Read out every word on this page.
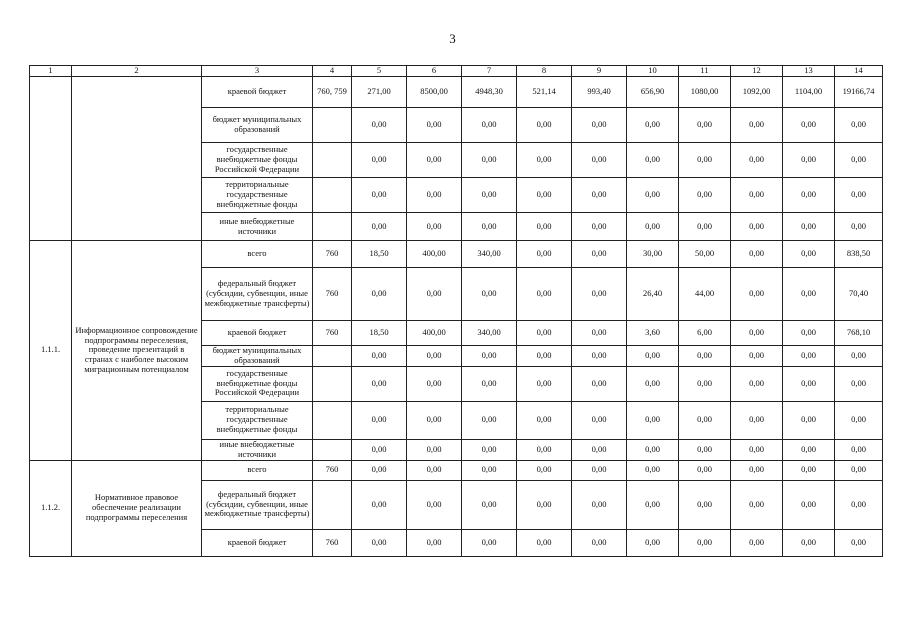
3
1	2	3	4	5	6	7	8	9	10	11	12	13	14
		краевой бюджет	760, 759	271,00	8500,00	4948,30	521,14	993,40	656,90	1080,00	1092,00	1104,00	19166,74
		бюджет муниципальных образований		0,00	0,00	0,00	0,00	0,00	0,00	0,00	0,00	0,00	0,00
		государственные внебюджетные фонды Российской Федерации		0,00	0,00	0,00	0,00	0,00	0,00	0,00	0,00	0,00	0,00
		территориальные государственные внебюджетные фонды		0,00	0,00	0,00	0,00	0,00	0,00	0,00	0,00	0,00	0,00
		иные внебюджетные источники		0,00	0,00	0,00	0,00	0,00	0,00	0,00	0,00	0,00	0,00
1.1.1.	Информационное сопровождение подпрограммы переселения, проведение презентаций в странах с наиболее высоким миграционным потенциалом	всего	760	18,50	400,00	340,00	0,00	0,00	30,00	50,00	0,00	0,00	838,50
		федеральный бюджет (субсидии, субвенции, иные межбюджетные трансферты)	760	0,00	0,00	0,00	0,00	0,00	26,40	44,00	0,00	0,00	70,40
		краевой бюджет	760	18,50	400,00	340,00	0,00	0,00	3,60	6,00	0,00	0,00	768,10
		бюджет муниципальных образований		0,00	0,00	0,00	0,00	0,00	0,00	0,00	0,00	0,00	0,00
		государственные внебюджетные фонды Российской Федерации		0,00	0,00	0,00	0,00	0,00	0,00	0,00	0,00	0,00	0,00
		территориальные государственные внебюджетные фонды		0,00	0,00	0,00	0,00	0,00	0,00	0,00	0,00	0,00	0,00
		иные внебюджетные источники		0,00	0,00	0,00	0,00	0,00	0,00	0,00	0,00	0,00	0,00
1.1.2.	Нормативное правовое обеспечение реализации подпрограммы переселения	всего	760	0,00	0,00	0,00	0,00	0,00	0,00	0,00	0,00	0,00	0,00
		федеральный бюджет (субсидии, субвенции, иные межбюджетные трансферты)		0,00	0,00	0,00	0,00	0,00	0,00	0,00	0,00	0,00	0,00
		краевой бюджет	760	0,00	0,00	0,00	0,00	0,00	0,00	0,00	0,00	0,00	0,00
